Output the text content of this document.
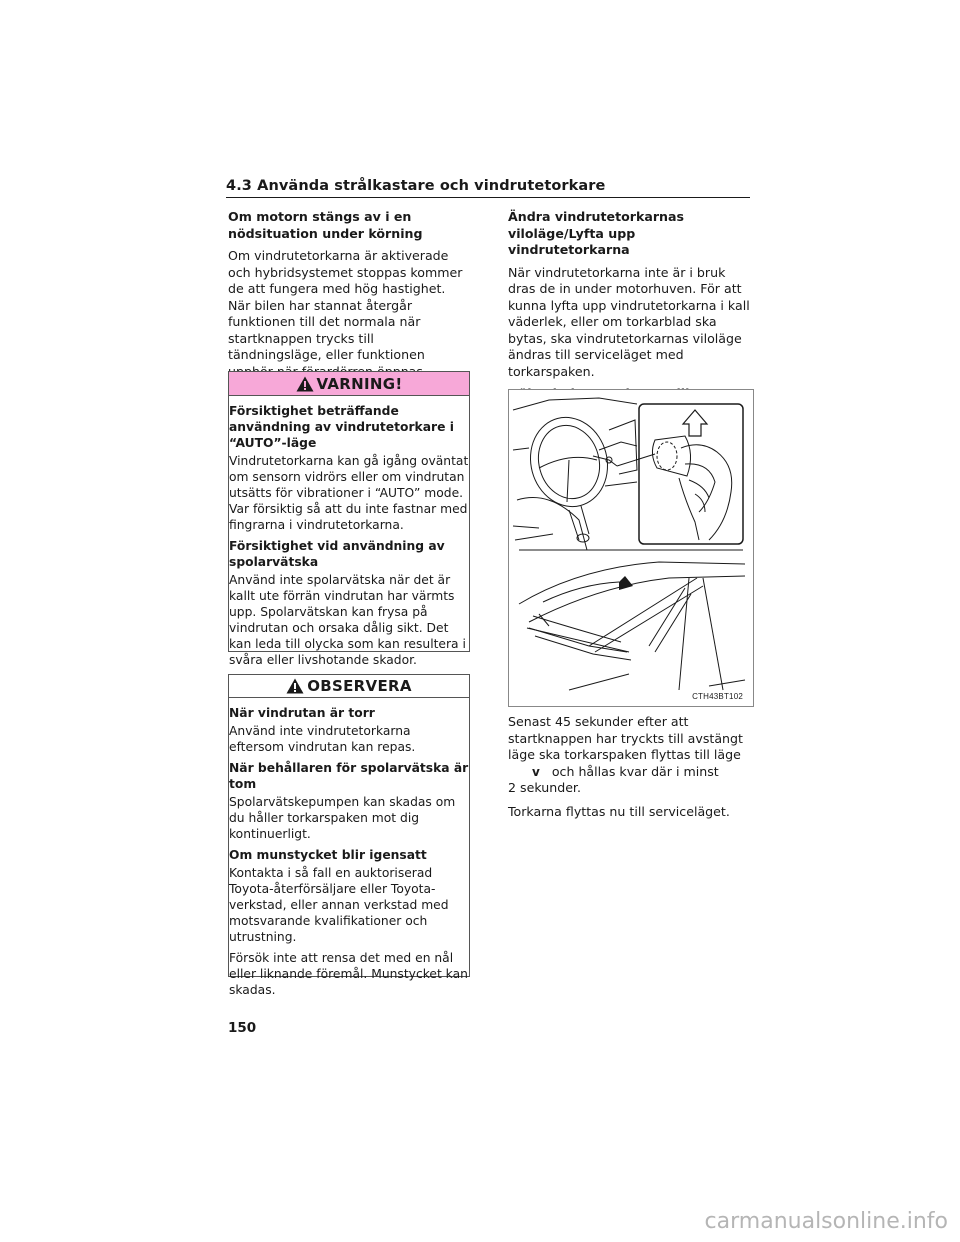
4.3 Använda strålkastare och vindrutetorkare
Om motorn stängs av i en nödsituation under körning
Om vindrutetorkarna är aktiverade och hybridsystemet stoppas kommer de att fungera med hög hastighet. När bilen har stannat återgår funktionen till det normala när startknappen trycks till tändningsläge, eller funktionen
VARNING!
Försiktighet beträffande användning av vindrutetorkare i “AUTO”-läge
Vindrutetorkarna kan gå igång oväntat om sensorn vidrörs eller om vindrutan utsätts för vibrationer i “AUTO” mode. Var försiktig så att du inte fastnar med fingrarna i vindrutetorkarna.
Försiktighet vid användning av spolarvätska
Använd inte spolarvätska när det är kallt ute förrän vindrutan har värmts upp. Spolarvätskan kan frysa på vindrutan och orsaka dålig sikt. Det kan leda till olycka som kan resultera i svåra eller livshotande skador.
OBSERVERA
När vindrutan är torr
Använd inte vindrutetorkarna eftersom vindrutan kan repas.
När behållaren för spolarvätska är tom
Spolarvätskepumpen kan skadas om du håller torkarspaken mot dig kontinuerligt.
Om munstycket blir igensatt
Kontakta i så fall en auktoriserad Toyota-återförsäljare eller Toyota-verkstad, eller annan verkstad med motsvarande kvalifikationer och utrustning.
Försök inte att rensa det med en nål eller liknande föremål. Munstycket kan skadas.
Ändra vindrutetorkarnas viloläge/Lyfta upp vindrutetorkarna
När vindrutetorkarna inte är i bruk dras de in under motorhuven. För att kunna lyfta upp vindrutetorkarna i kall väderlek, eller om torkarblad ska bytas, ska vindrutetorkarnas viloläge ändras till serviceläget med torkarspaken.
CTH43BT102
Senast 45 sekunder efter att startknappen har tryckts till avstängt läge ska torkarspaken flyttas till läge
ⅴ och hållas kvar där i minst
2 sekunder.
Torkarna flyttas nu till serviceläget.
150
carmanualsonline.info
